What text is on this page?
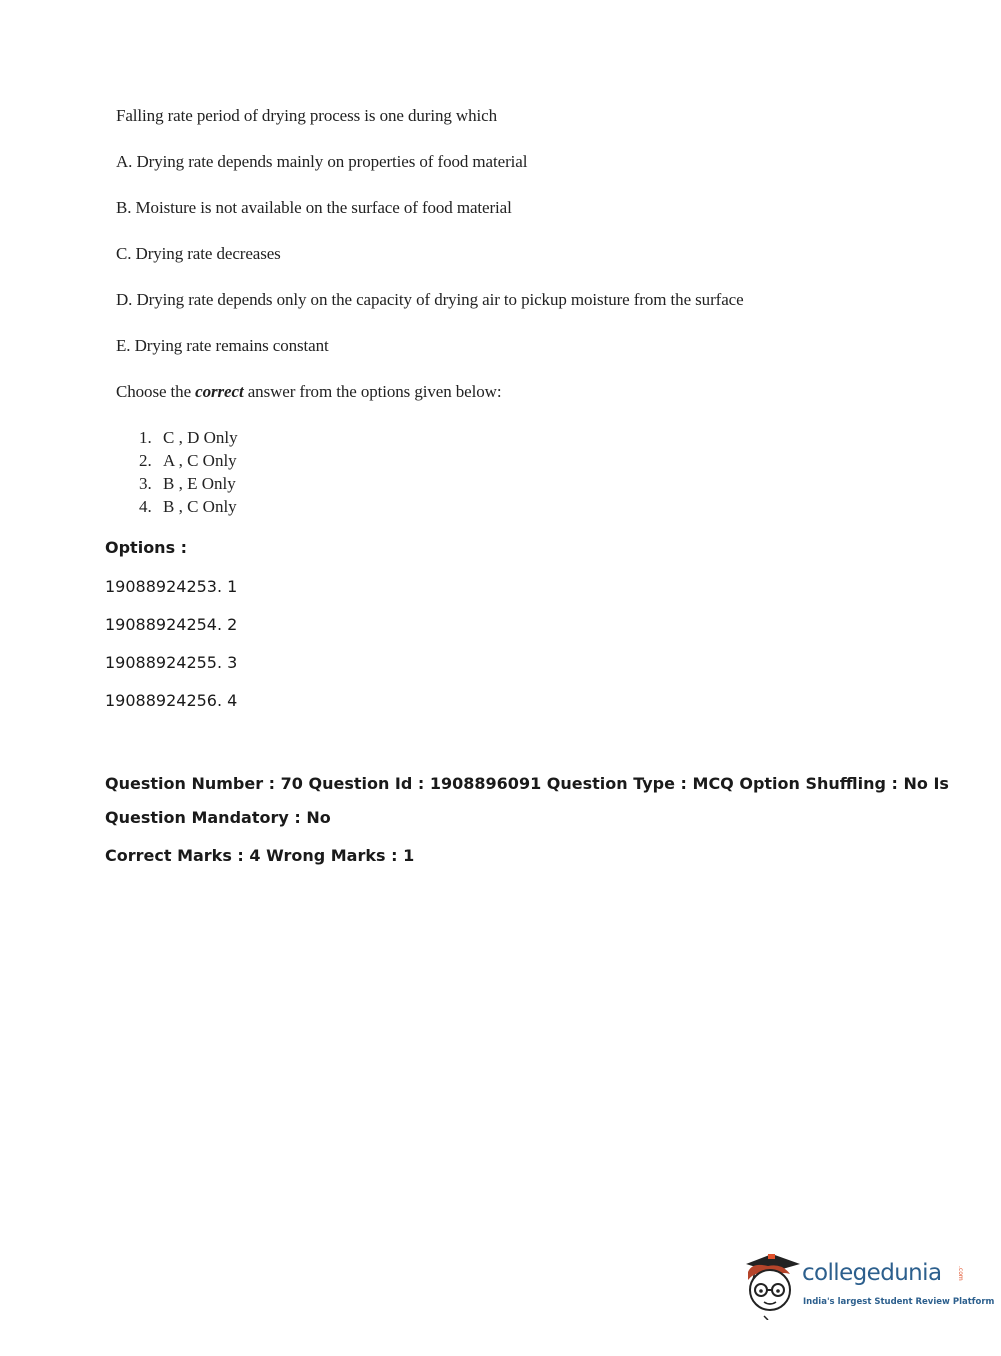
Falling rate period of drying process is one during which
A. Drying rate depends mainly on properties of food material
B. Moisture is not available on the surface of food material
C. Drying rate decreases
D. Drying rate depends only on the capacity of drying air to pickup moisture from the surface
E. Drying rate remains constant
Choose the correct answer from the options given below:
1. C , D Only
2. A , C Only
3. B , E Only
4. B , C Only
Options :
19088924253. 1
19088924254. 2
19088924255. 3
19088924256. 4
Question Number : 70 Question Id : 1908896091 Question Type : MCQ Option Shuffling : No Is
Question Mandatory : No
Correct Marks : 4 Wrong Marks : 1
collegedunia	.com
India's largest Student Review Platform
